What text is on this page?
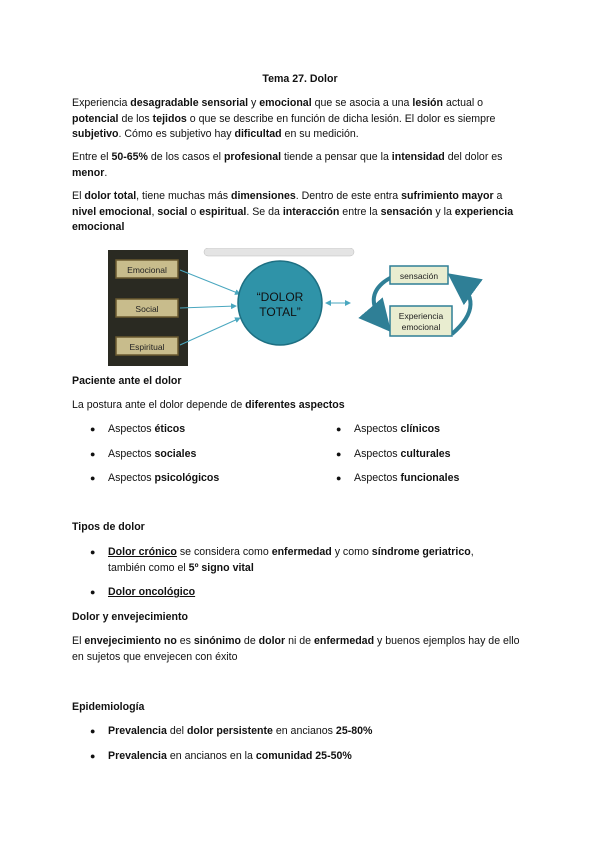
Tema 27. Dolor
Experiencia desagradable sensorial y emocional que se asocia a una lesión actual o potencial de los tejidos o que se describe en función de dicha lesión. El dolor es siempre subjetivo. Cómo es subjetivo hay dificultad en su medición.
Entre el 50-65% de los casos el profesional tiende a pensar que la intensidad del dolor es menor.
El dolor total, tiene muchas más dimensiones. Dentro de este entra sufrimiento mayor a nivel emocional, social o espiritual. Se da interacción entre la sensación y la experiencia emocional
Emocional
Social
Espiritual
“DOLOR
TOTAL”
sensación
Experiencia
emocional
Paciente ante el dolor
La postura ante el dolor depende de diferentes aspectos
● Aspectos éticos
● Aspectos sociales
● Aspectos psicológicos
● Aspectos clínicos
● Aspectos culturales
● Aspectos funcionales
Tipos de dolor
● Dolor crónico se considera como enfermedad y como síndrome geriatrico,
también como el 5º signo vital
● Dolor oncológico
Dolor y envejecimiento
El envejecimiento no es sinónimo de dolor ni de enfermedad y buenos ejemplos hay de ello en sujetos que envejecen con éxito
Epidemiología
● Prevalencia del dolor persistente en ancianos 25-80%
● Prevalencia en ancianos en la comunidad 25-50%
